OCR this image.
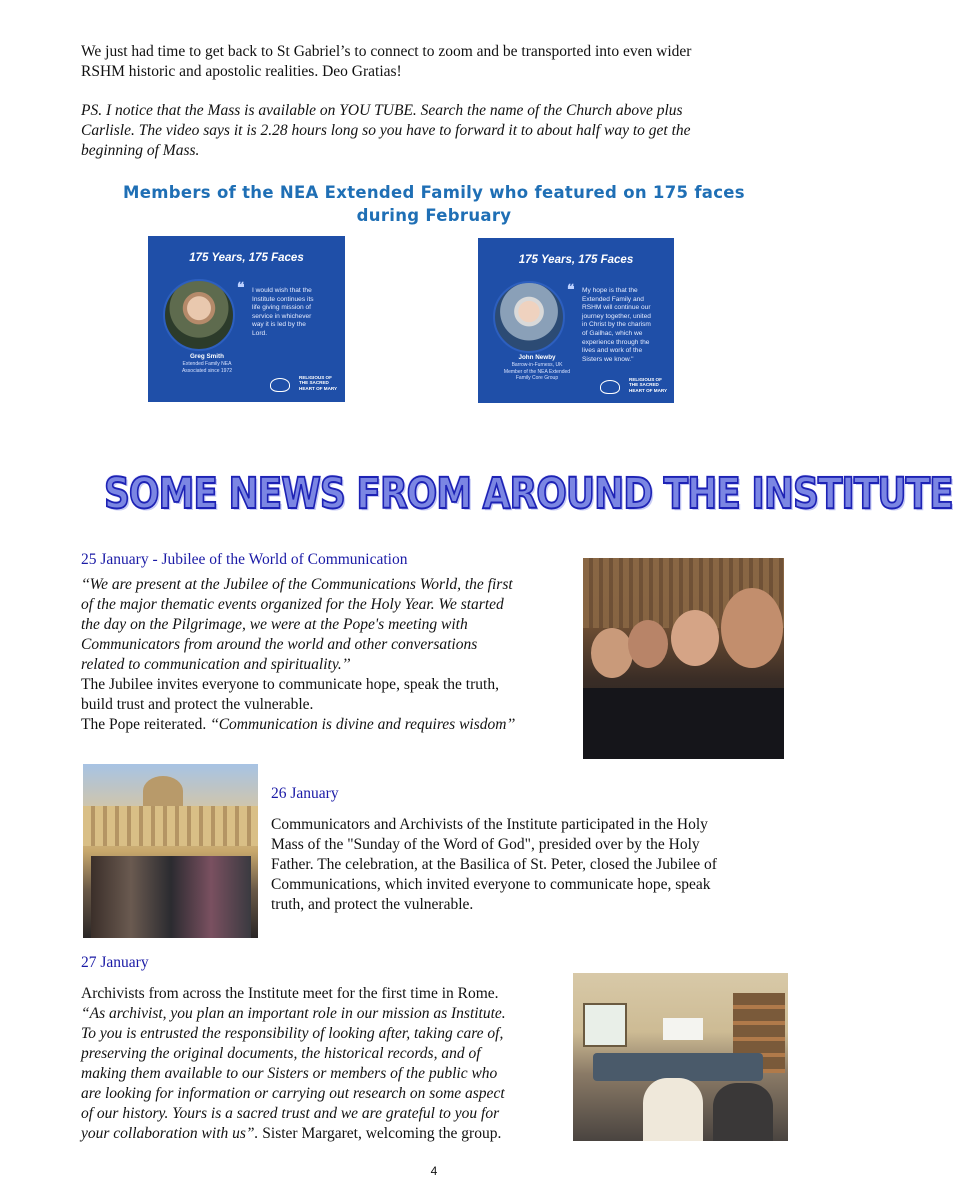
We just had time to get back to St Gabriel’s to connect to zoom and be transported into even wider

RSHM historic and apostolic realities. Deo Gratias!

PS. I notice that the Mass is available on YOU TUBE. Search the name of the Church above plus

Carlisle. The video says it is 2.28 hours long so you have to forward it to about half way to get the

beginning of Mass.

Members of the NEA Extended Family who featured on 175 faces
during February
175 Years, 175 Faces
❝ I would wish that the
Institute continues its
life giving mission of
service in whichever
way it is led by the
Lord.
Greg Smith
Extended Family NEA
Associated since 1972
RELIGIOUS OF
THE SACRED
HEART OF MARY
175 Years, 175 Faces
❝ My hope is that the
Extended Family and
RSHM will continue our
journey together, united
in Christ by the charism
of Gailhac, which we
experience through the
lives and work of the
Sisters we know."
John Newby
Barrow-in-Furness, UK
Member of the NEA Extended
Family Core Group	RELIGIOUS OF
THE SACRED
HEART OF MARY
SOME NEWS FROM AROUND THE INSTITUTE

25 January - Jubilee of the World of Communication

‘‘We are present at the Jubilee of the Communications World, the first

of the major thematic events organized for the Holy Year. We started

the day on the Pilgrimage, we were at the Pope's meeting with

Communicators from around the world and other conversations

related to communication and spirituality.’’

The Jubilee invites everyone to communicate hope, speak the truth,

build trust and protect the vulnerable.

The Pope reiterated. ‘‘Communication is divine and requires wisdom’’

26 January

Communicators and Archivists of the Institute participated in the Holy

Mass of the "Sunday of the Word of God", presided over by the Holy

Father. The celebration, at the Basilica of St. Peter, closed the Jubilee of

Communications, which invited everyone to communicate hope, speak

truth, and protect the vulnerable.

27 January

Archivists from across the Institute meet for the first time in Rome.

“As archivist, you plan an important role in our mission as Institute.

To you is entrusted the responsibility of looking after, taking care of,

preserving the original documents, the historical records, and of

making them available to our Sisters or members of the public who

are looking for information or carrying out research on some aspect

of our history. Yours is a sacred trust and we are grateful to you for

your collaboration with us”. Sister Margaret, welcoming the group.

4
